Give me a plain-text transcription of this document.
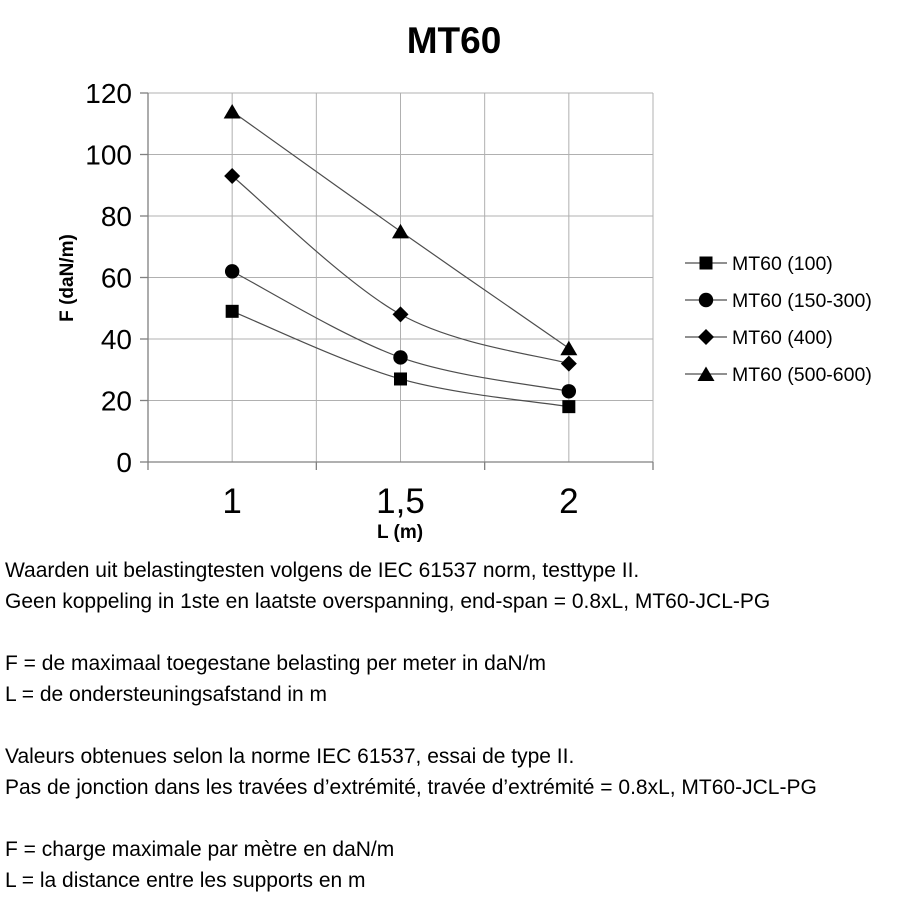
MT60
0
20
40
60
80
100
120
1	1,5	2
F (daN/m)
L (m)
MT60 (100)
MT60 (150-300)
MT60 (400)
MT60 (500-600)

Waarden uit belastingtesten volgens de IEC 61537 norm, testtype II.

Geen koppeling in 1ste en laatste overspanning, end-span = 0.8xL, MT60-JCL-PG

F = de maximaal toegestane belasting per meter in daN/m

L = de ondersteuningsafstand in m

Valeurs obtenues selon la norme IEC 61537, essai de type II.

Pas de jonction dans les travées d’extrémité, travée d’extrémité = 0.8xL, MT60-JCL-PG

F = charge maximale par mètre en daN/m

L = la distance entre les supports en m
